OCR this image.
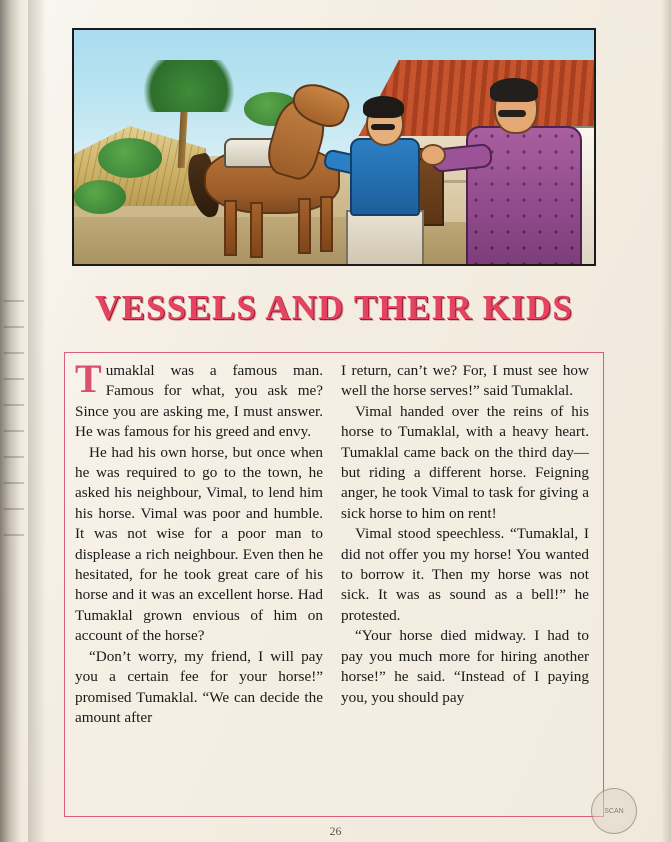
VESSELS AND THEIR KIDS

Tumaklal was a famous man. Famous for what, you ask me? Since you are asking me, I must answer. He was famous for his greed and envy.

He had his own horse, but once when he was required to go to the town, he asked his neighbour, Vimal, to lend him his horse. Vimal was poor and humble. It was not wise for a poor man to displease a rich neighbour. Even then he hesitated, for he took great care of his horse and it was an excellent horse. Had Tumaklal grown envious of him on account of the horse?

“Don’t worry, my friend, I will pay you a certain fee for your horse!” promised Tumaklal. “We can decide the amount after

I return, can’t we? For, I must see how well the horse serves!” said Tumaklal.

Vimal handed over the reins of his horse to Tumaklal, with a heavy heart. Tumaklal came back on the third day—but riding a different horse. Feigning anger, he took Vimal to task for giving a sick horse to him on rent!

Vimal stood speechless. “Tumaklal, I did not offer you my horse! You wanted to borrow it. Then my horse was not sick. It was as sound as a bell!” he protested.

“Your horse died midway. I had to pay you much more for hiring another horse!” he said. “Instead of I paying you, you should pay

26
SCAN
